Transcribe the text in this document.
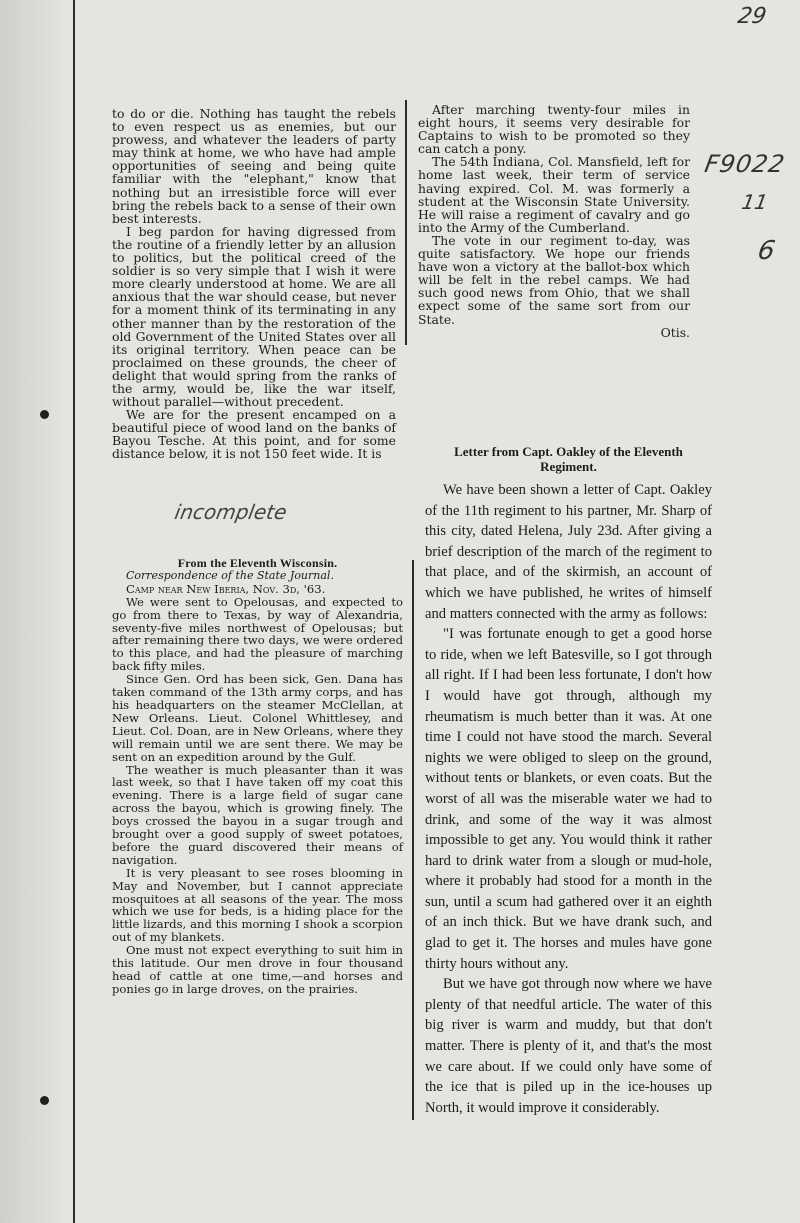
29
F9022
11
6
incomplete

to do or die. Nothing has taught the rebels to even respect us as enemies, but our prowess, and whatever the leaders of party may think at home, we who have had ample opportunities of seeing and being quite familiar with the "elephant," know that nothing but an irresistible force will ever bring the rebels back to a sense of their own best interests.

I beg pardon for having digressed from the routine of a friendly letter by an allusion to politics, but the political creed of the soldier is so very simple that I wish it were more clearly understood at home. We are all anxious that the war should cease, but never for a moment think of its terminating in any other manner than by the restoration of the old Government of the United States over all its original territory. When peace can be proclaimed on these grounds, the cheer of delight that would spring from the ranks of the army, would be, like the war itself, without parallel—without precedent.

We are for the present encamped on a beautiful piece of wood land on the banks of Bayou Tesche. At this point, and for some distance below, it is not 150 feet wide. It is

After marching twenty-four miles in eight hours, it seems very desirable for Captains to wish to be promoted so they can catch a pony.

The 54th Indiana, Col. Mansfield, left for home last week, their term of service having expired. Col. M. was formerly a student at the Wisconsin State University. He will raise a regiment of cavalry and go into the Army of the Cumberland.

The vote in our regiment to-day, was quite satisfactory. We hope our friends have won a victory at the ballot-box which will be felt in the rebel camps. We had such good news from Ohio, that we shall expect some of the same sort from our State.

Otis.

From the Eleventh Wisconsin.

Correspondence of the State Journal.

Camp near New Iberia, Nov. 3d, '63.

We were sent to Opelousas, and expected to go from there to Texas, by way of Alexandria, seventy-five miles northwest of Opelousas; but after remaining there two days, we were ordered to this place, and had the pleasure of marching back fifty miles.

Since Gen. Ord has been sick, Gen. Dana has taken command of the 13th army corps, and has his headquarters on the steamer McClellan, at New Orleans. Lieut. Colonel Whittlesey, and Lieut. Col. Doan, are in New Orleans, where they will remain until we are sent there. We may be sent on an expedition around by the Gulf.

The weather is much pleasanter than it was last week, so that I have taken off my coat this evening. There is a large field of sugar cane across the bayou, which is growing finely. The boys crossed the bayou in a sugar trough and brought over a good supply of sweet potatoes, before the guard discovered their means of navigation.

It is very pleasant to see roses blooming in May and November, but I cannot appreciate mosquitoes at all seasons of the year. The moss which we use for beds, is a hiding place for the little lizards, and this morning I shook a scorpion out of my blankets.

One must not expect everything to suit him in this latitude. Our men drove in four thousand head of cattle at one time,—and horses and ponies go in large droves, on the prairies.

Letter from Capt. Oakley of the Eleventh Regiment.

We have been shown a letter of Capt. Oakley of the 11th regiment to his partner, Mr. Sharp of this city, dated Helena, July 23d. After giving a brief description of the march of the regiment to that place, and of the skirmish, an account of which we have published, he writes of himself and matters connected with the army as follows:

"I was fortunate enough to get a good horse to ride, when we left Batesville, so I got through all right. If I had been less fortunate, I don't how I would have got through, although my rheumatism is much better than it was. At one time I could not have stood the march. Several nights we were obliged to sleep on the ground, without tents or blankets, or even coats. But the worst of all was the miserable water we had to drink, and some of the way it was almost impossible to get any. You would think it rather hard to drink water from a slough or mud-hole, where it probably had stood for a month in the sun, until a scum had gathered over it an eighth of an inch thick. But we have drank such, and glad to get it. The horses and mules have gone thirty hours without any.

But we have got through now where we have plenty of that needful article. The water of this big river is warm and muddy, but that don't matter. There is plenty of it, and that's the most we care about. If we could only have some of the ice that is piled up in the ice-houses up North, it would improve it considerably.
